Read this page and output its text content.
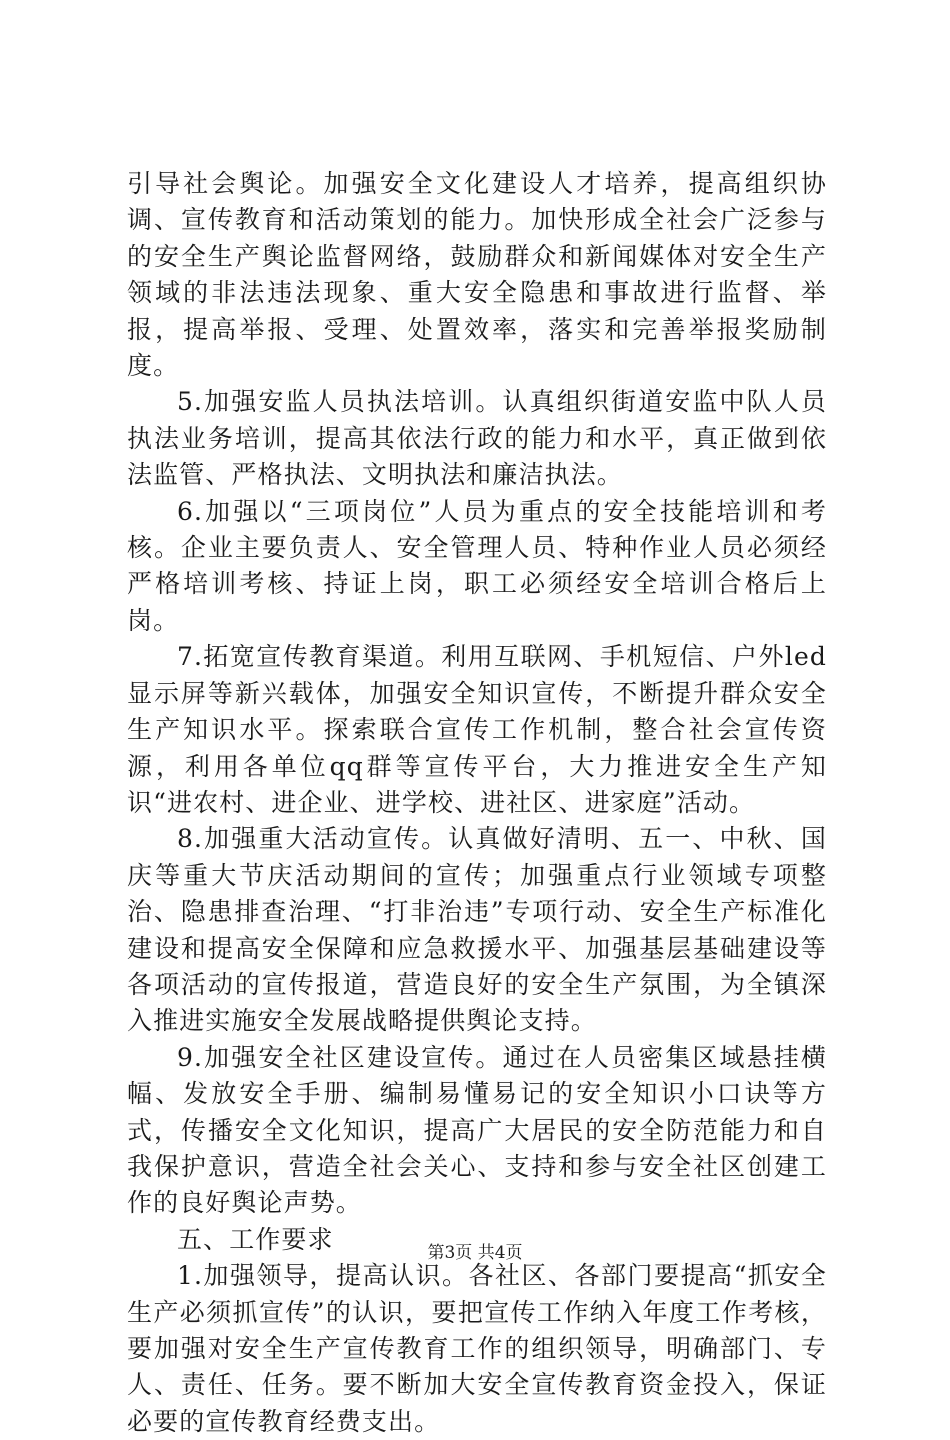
引导社会舆论。加强安全文化建设人才培养，提高组织协调、宣传教育和活动策划的能力。加快形成全社会广泛参与的安全生产舆论监督网络，鼓励群众和新闻媒体对安全生产领域的非法违法现象、重大安全隐患和事故进行监督、举报，提高举报、受理、处置效率，落实和完善举报奖励制度。

5.加强安监人员执法培训。认真组织街道安监中队人员执法业务培训，提高其依法行政的能力和水平，真正做到依法监管、严格执法、文明执法和廉洁执法。

6.加强以“三项岗位”人员为重点的安全技能培训和考核。企业主要负责人、安全管理人员、特种作业人员必须经严格培训考核、持证上岗，职工必须经安全培训合格后上岗。

7.拓宽宣传教育渠道。利用互联网、手机短信、户外led显示屏等新兴载体，加强安全知识宣传，不断提升群众安全生产知识水平。探索联合宣传工作机制，整合社会宣传资源，利用各单位qq群等宣传平台，大力推进安全生产知识“进农村、进企业、进学校、进社区、进家庭”活动。

8.加强重大活动宣传。认真做好清明、五一、中秋、国庆等重大节庆活动期间的宣传；加强重点行业领域专项整治、隐患排查治理、“打非治违”专项行动、安全生产标准化建设和提高安全保障和应急救援水平、加强基层基础建设等各项活动的宣传报道，营造良好的安全生产氛围，为全镇深入推进实施安全发展战略提供舆论支持。

9.加强安全社区建设宣传。通过在人员密集区域悬挂横幅、发放安全手册、编制易懂易记的安全知识小口诀等方式，传播安全文化知识，提高广大居民的安全防范能力和自我保护意识，营造全社会关心、支持和参与安全社区创建工作的良好舆论声势。

五、工作要求

1.加强领导，提高认识。各社区、各部门要提高“抓安全生产必须抓宣传”的认识，要把宣传工作纳入年度工作考核，要加强对安全生产宣传教育工作的组织领导，明确部门、专人、责任、任务。要不断加大安全宣传教育资金投入，保证必要的宣传教育经费支出。

第3页 共4页
